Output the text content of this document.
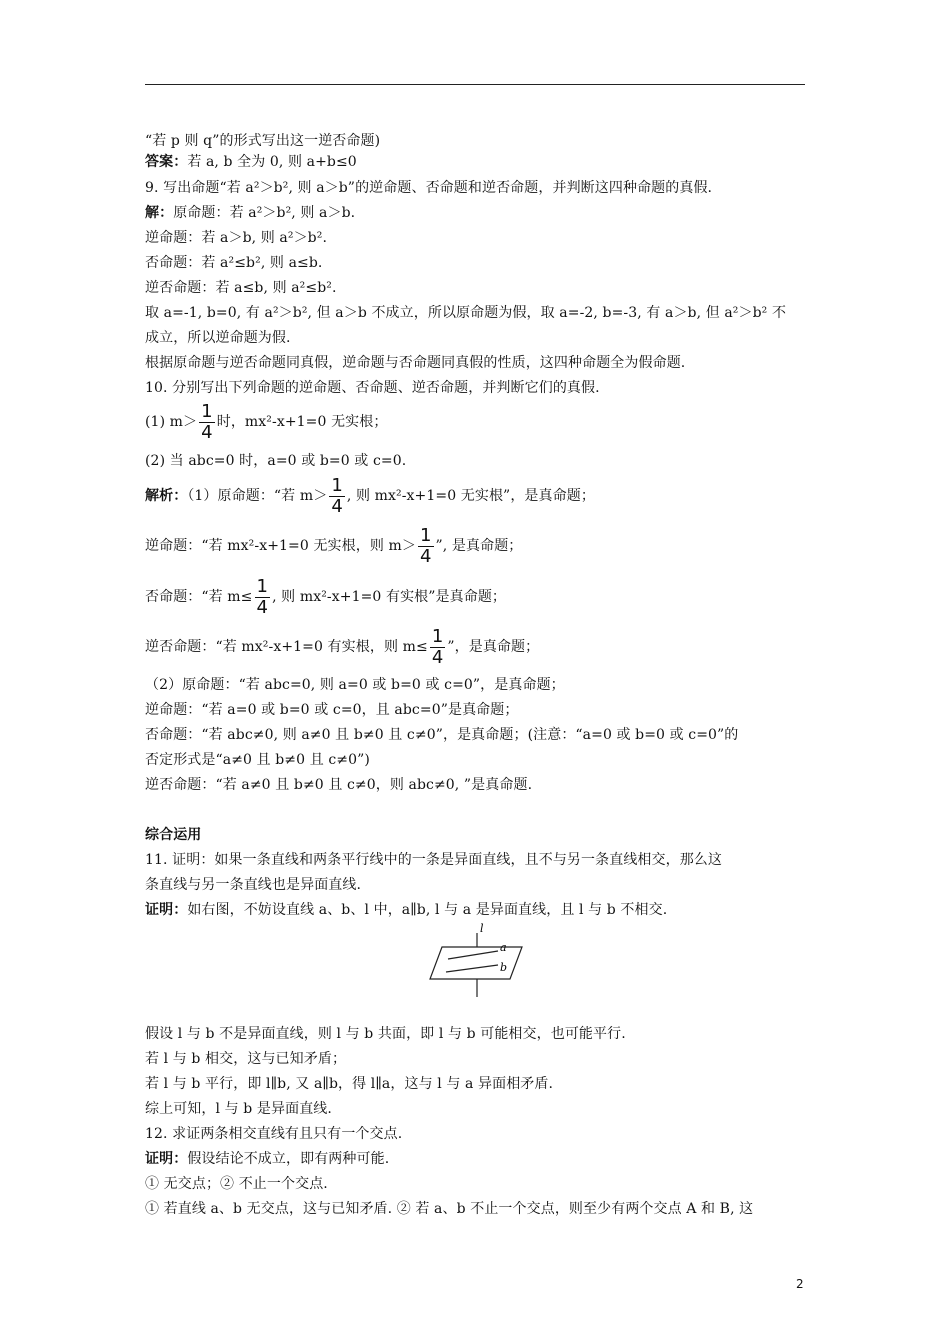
“若 p 则 q”的形式写出这一逆否命题)
答案：若 a, b 全为 0, 则 a+b≤0
9. 写出命题“若 a²＞b², 则 a＞b”的逆命题、否命题和逆否命题，并判断这四种命题的真假.
解：原命题：若 a²＞b², 则 a＞b.
逆命题：若 a＞b, 则 a²＞b².
否命题：若 a²≤b², 则 a≤b.
逆否命题：若 a≤b, 则 a²≤b².
取 a=-1, b=0, 有 a²＞b², 但 a＞b 不成立，所以原命题为假，取 a=-2, b=-3, 有 a＞b, 但 a²＞b² 不
成立，所以逆命题为假.
根据原命题与逆否命题同真假，逆命题与否命题同真假的性质，这四种命题全为假命题.
10. 分别写出下列命题的逆命题、否命题、逆否命题，并判断它们的真假.
(1) $m> \frac{1}{4}$ 时，mx²-x+1=0 无实根；
(2) 当 abc=0 时，a=0 或 b=0 或 c=0.
解析：（1）原命题：“若 $m> \frac{1}{4}$ , 则 mx²-x+1=0 无实根”，是真命题；
逆命题：“若 mx²-x+1=0 无实根，则 $m> \frac{1}{4}$ ”, 是真命题；
否命题：“若 $m\le \frac{1}{4}$ , 则 mx²-x+1=0 有实根”是真命题；
逆否命题：“若 mx²-x+1=0 有实根，则 $m\le \frac{1}{4}$ ”，是真命题；
（2）原命题：“若 abc=0, 则 a=0 或 b=0 或 c=0”，是真命题；
逆命题：“若 a=0 或 b=0 或 c=0，且 abc=0”是真命题；
否命题：“若 abc≠0, 则 a≠0 且 b≠0 且 c≠0”，是真命题；(注意：“a=0 或 b=0 或 c=0”的
否定形式是“a≠0 且 b≠0 且 c≠0”)
逆否命题：“若 a≠0 且 b≠0 且 c≠0，则 abc≠0, ”是真命题.
综合运用
11. 证明：如果一条直线和两条平行线中的一条是异面直线，且不与另一条直线相交，那么这
条直线与另一条直线也是异面直线.
证明：如右图，不妨设直线 a、b、l 中，a∥b, l 与 a 是异面直线，且 l 与 b 不相交.
l
a
b
假设 l 与 b 不是异面直线，则 l 与 b 共面，即 l 与 b 可能相交，也可能平行.
若 l 与 b 相交，这与已知矛盾；
若 l 与 b 平行，即 l∥b, 又 a∥b，得 l∥a，这与 l 与 a 异面相矛盾.
综上可知，l 与 b 是异面直线.
12. 求证两条相交直线有且只有一个交点.
证明：假设结论不成立，即有两种可能.
① 无交点；② 不止一个交点.
① 若直线 a、b 无交点，这与已知矛盾. ② 若 a、b 不止一个交点，则至少有两个交点 A 和 B, 这
2
